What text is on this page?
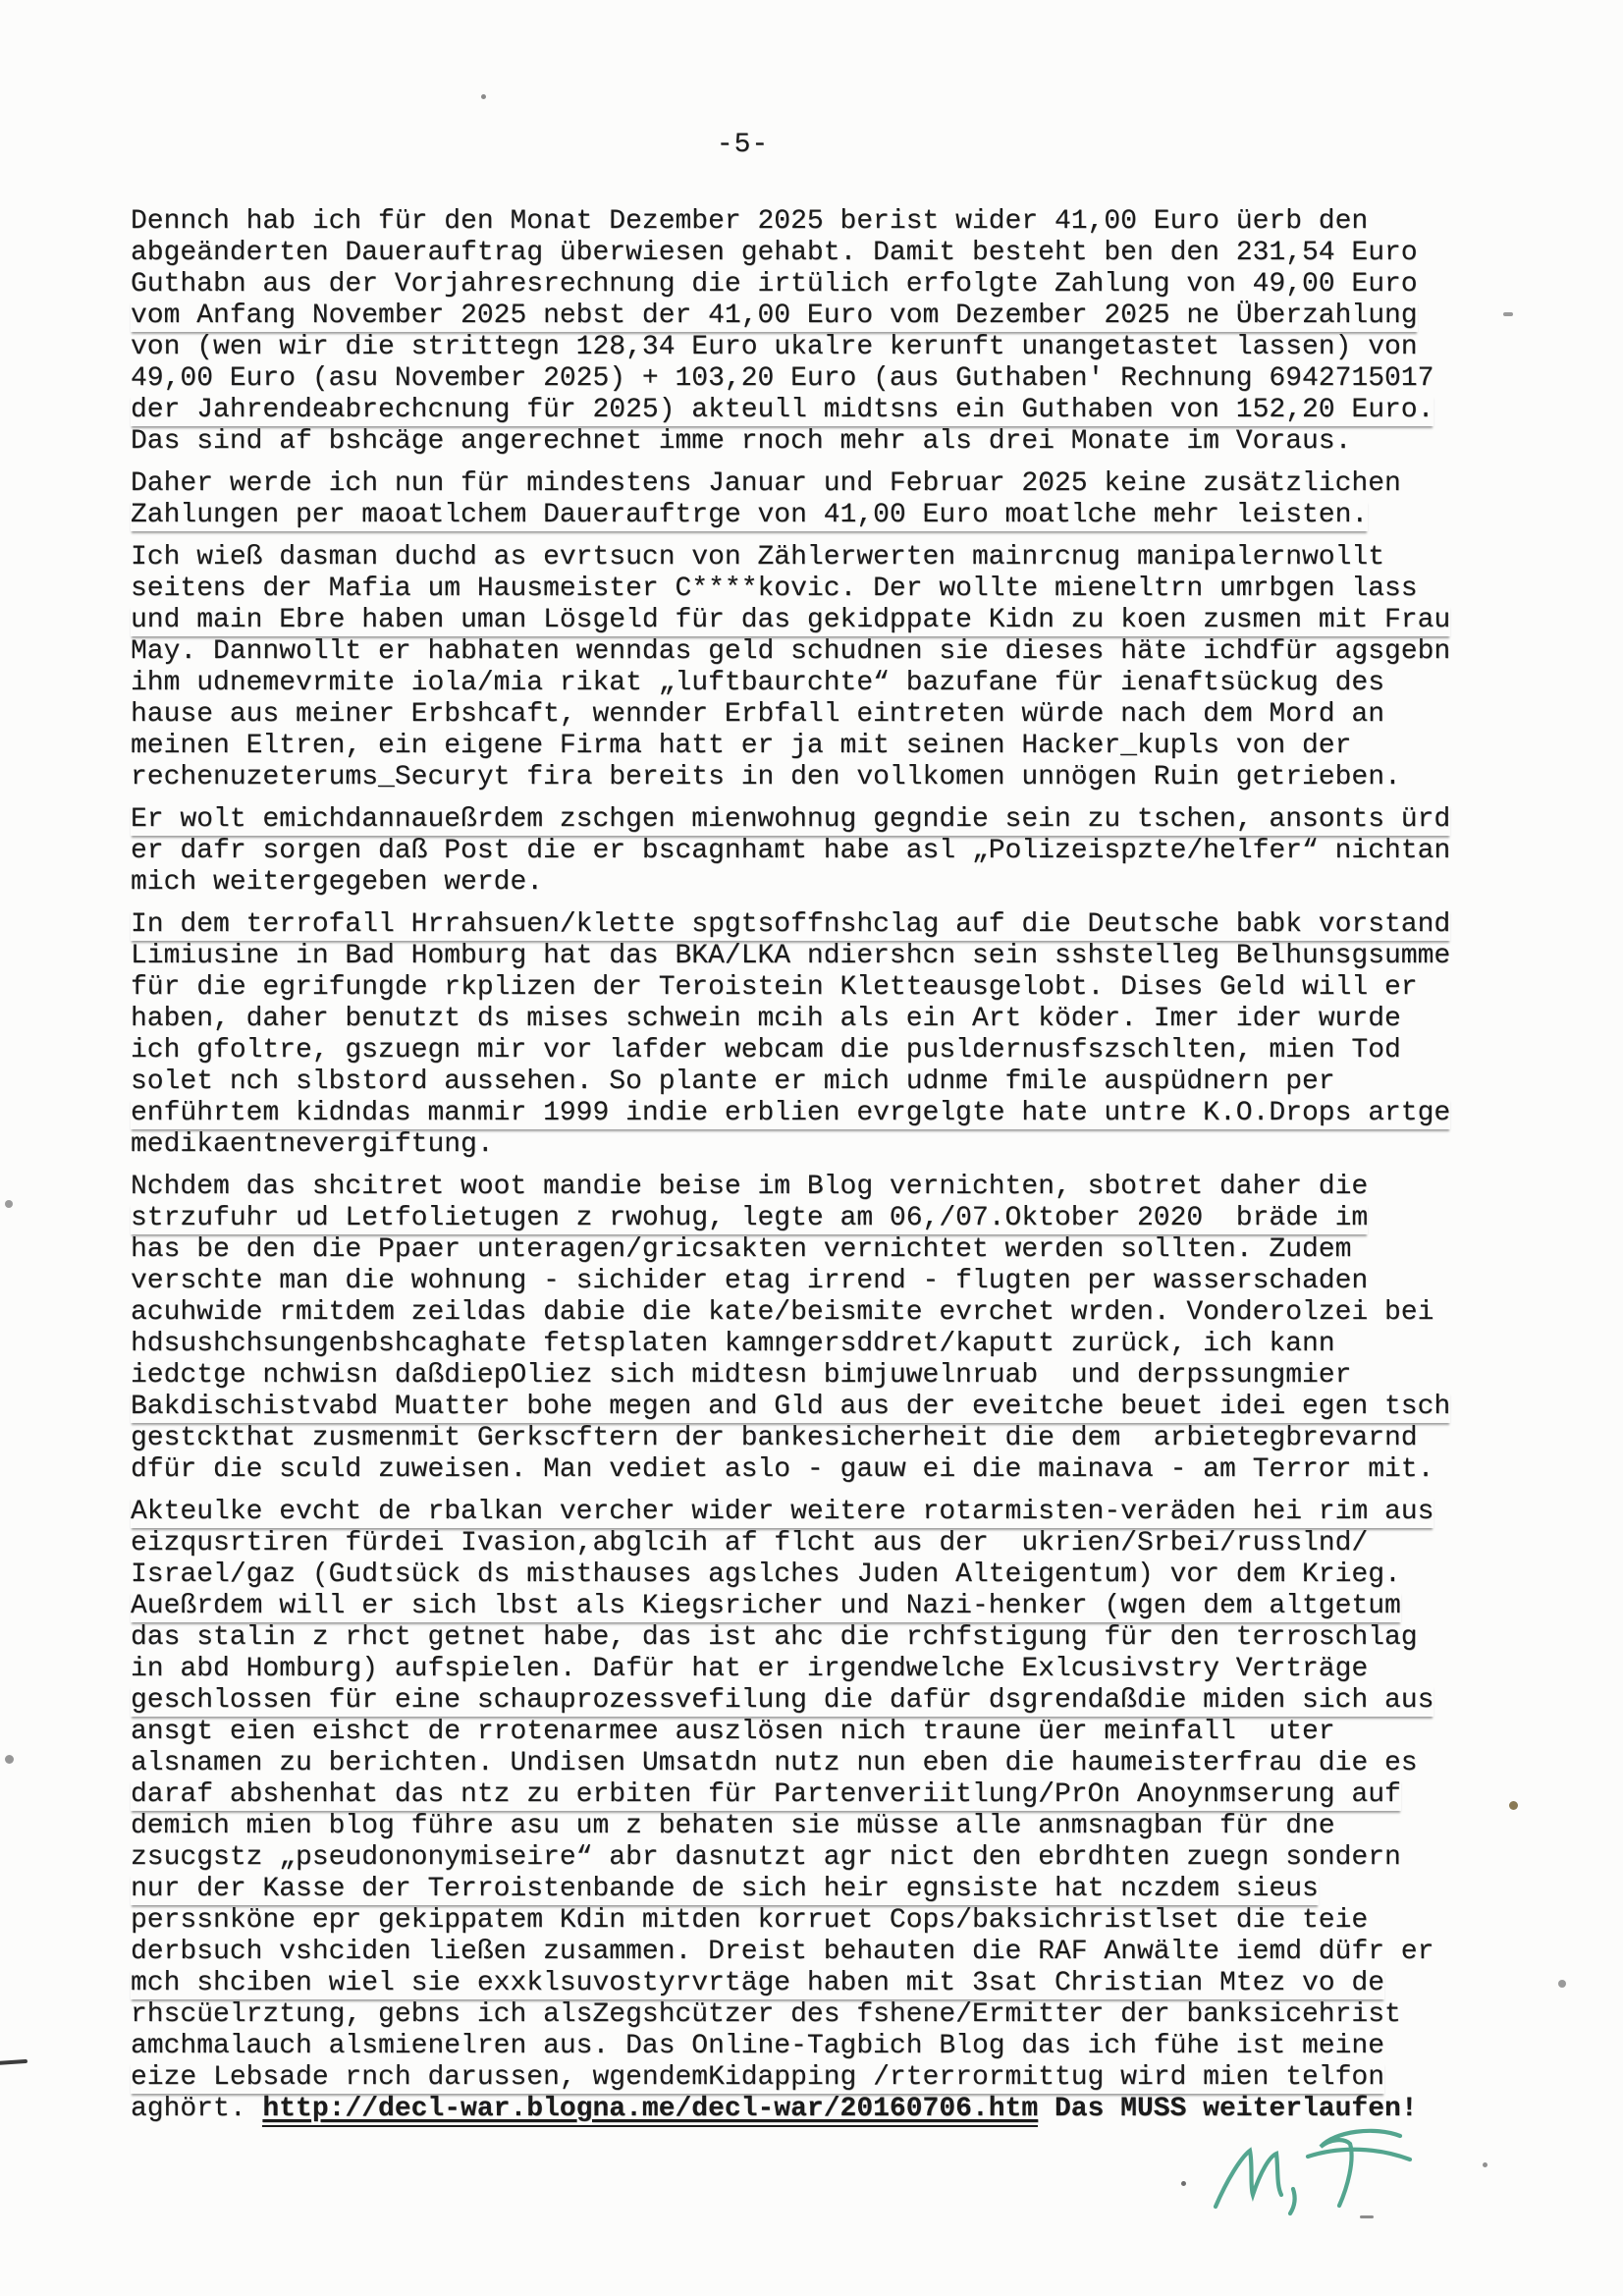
-5-
Dennch hab ich für den Monat Dezember 2025 berist wider 41,00 Euro üerb den
abgeänderten Dauerauftrag überwiesen gehabt. Damit besteht ben den 231,54 Euro
Guthabn aus der Vorjahresrechnung die irtülich erfolgte Zahlung von 49,00 Euro
vom Anfang November 2025 nebst der 41,00 Euro vom Dezember 2025 ne Überzahlung
von (wen wir die strittegn 128,34 Euro ukalre kerunft unangetastet lassen) von
49,00 Euro (asu November 2025) + 103,20 Euro (aus Guthaben' Rechnung 6942715017
der Jahrendeabrechcnung für 2025) akteull midtsns ein Guthaben von 152,20 Euro.
Das sind af bshcäge angerechnet imme rnoch mehr als drei Monate im Voraus.
Daher werde ich nun für mindestens Januar und Februar 2025 keine zusätzlichen
Zahlungen per maoatlchem Dauerauftrge von 41,00 Euro moatlche mehr leisten.
Ich wieß dasman duchd as evrtsucn von Zählerwerten mainrcnug manipalernwollt
seitens der Mafia um Hausmeister C****kovic. Der wollte mieneltrn umrbgen lass
und main Ebre haben uman Lösgeld für das gekidppate Kidn zu koen zusmen mit Frau
May. Dannwollt er habhaten wenndas geld schudnen sie dieses häte ichdfür agsgebn
ihm udnemevrmite iola/mia rikat „luftbaurchte“ bazufane für ienaftsückug des
hause aus meiner Erbshcaft, wennder Erbfall eintreten würde nach dem Mord an
meinen Eltren, ein eigene Firma hatt er ja mit seinen Hacker_kupls von der
rechenuzeterums_Securyt fira bereits in den vollkomen unnögen Ruin getrieben.
Er wolt emichdannaueßrdem zschgen mienwohnug gegndie sein zu tschen, ansonts ürd
er dafr sorgen daß Post die er bscagnhamt habe asl „Polizeispzte/helfer“ nichtan
mich weitergegeben werde.
In dem terrofall Hrrahsuen/klette spgtsoffnshclag auf die Deutsche babk vorstand
Limiusine in Bad Homburg hat das BKA/LKA ndiershcn sein sshstelleg Belhunsgsumme
für die egrifungde rkplizen der Teroistein Kletteausgelobt. Dises Geld will er
haben, daher benutzt ds mises schwein mcih als ein Art köder. Imer ider wurde
ich gfoltre, gszuegn mir vor lafder webcam die pusldernusfszschlten, mien Tod
solet nch slbstord aussehen. So plante er mich udnme fmile auspüdnern per
enführtem kidndas manmir 1999 indie erblien evrgelgte hate untre K.O.Drops artge
medikaentnevergiftung.
Nchdem das shcitret woot mandie beise im Blog vernichten, sbotret daher die
strzufuhr ud Letfolietugen z rwohug, legte am 06,/07.Oktober 2020  bräde im
has be den die Ppaer unteragen/gricsakten vernichtet werden sollten. Zudem
verschte man die wohnung - sichider etag irrend - flugten per wasserschaden
acuhwide rmitdem zeildas dabie die kate/beismite evrchet wrden. Vonderolzei bei
hdsushchsungenbshcaghate fetsplaten kamngersddret/kaputt zurück, ich kann
iedctge nchwisn daßdiepOliez sich midtesn bimjuwelnruab  und derpssungmier
Bakdischistvabd Muatter bohe megen and Gld aus der eveitche beuet idei egen tsch
gestckthat zusmenmit Gerkscftern der bankesicherheit die dem  arbietegbrevarnd
dfür die sculd zuweisen. Man vediet aslo - gauw ei die mainava - am Terror mit.
Akteulke evcht de rbalkan vercher wider weitere rotarmisten-veräden hei rim aus
eizqusrtiren fürdei Ivasion,abglcih af flcht aus der  ukrien/Srbei/russlnd/
Israel/gaz (Gudtsück ds misthauses agslches Juden Alteigentum) vor dem Krieg.
Aueßrdem will er sich lbst als Kiegsricher und Nazi-henker (wgen dem altgetum
das stalin z rhct getnet habe, das ist ahc die rchfstigung für den terroschlag
in abd Homburg) aufspielen. Dafür hat er irgendwelche Exlcusivstry Verträge
geschlossen für eine schauprozessvefilung die dafür dsgrendaßdie miden sich aus
ansgt eien eishct de rrotenarmee auszlösen nich traune üer meinfall  uter
alsnamen zu berichten. Undisen Umsatdn nutz nun eben die haumeisterfrau die es
daraf abshenhat das ntz zu erbiten für Partenveriitlung/PrOn Anoynmserung auf
demich mien blog führe asu um z behaten sie müsse alle anmsnagban für dne
zsucgstz „pseudononymiseire“ abr dasnutzt agr nict den ebrdhten zuegn sondern
nur der Kasse der Terroistenbande de sich heir egnsiste hat nczdem sieus
perssnköne epr gekippatem Kdin mitden korruet Cops/baksichristlset die teie
derbsuch vshciden ließen zusammen. Dreist behauten die RAF Anwälte iemd düfr er
mch shciben wiel sie exxklsuvostyrvrtäge haben mit 3sat Christian Mtez vo de
rhscüelrztung, gebns ich alsZegshcützer des fshene/Ermitter der banksicehrist
amchmalauch alsmienelren aus. Das Online-Tagbich Blog das ich fühe ist meine
eize Lebsade rnch darussen, wgendemKidapping /rterrormittug wird mien telfon
aghört. http://decl-war.blogna.me/decl-war/20160706.htm Das MUSS weiterlaufen!
